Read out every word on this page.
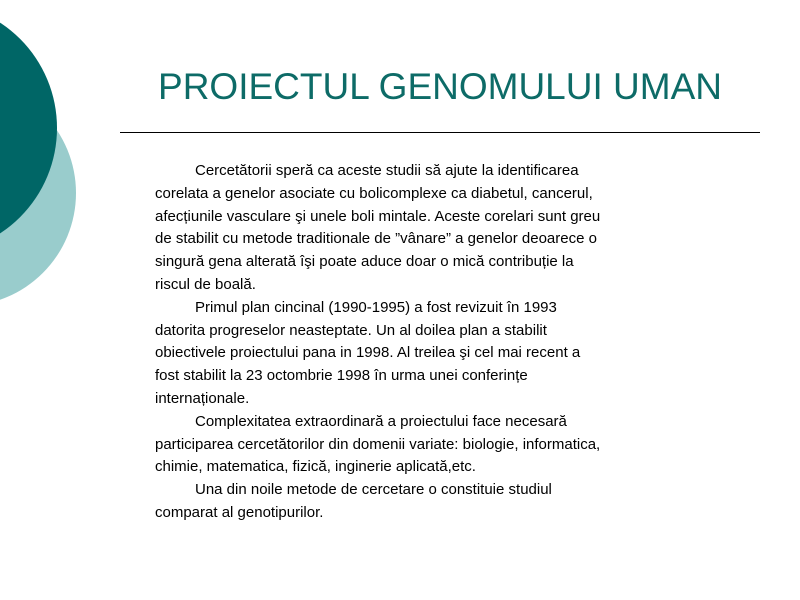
PROIECTUL GENOMULUI UMAN

Cercetătorii speră ca aceste studii să ajute la identificarea corelata a genelor asociate cu bolicomplexe ca diabetul, cancerul, afecțiunile vasculare şi unele boli mintale. Aceste corelari sunt greu de stabilit cu metode traditionale de ”vânare” a genelor deoarece o singură gena alterată îşi poate aduce doar o mică contribuție la riscul de boală.

Primul plan cincinal (1990-1995) a fost revizuit în 1993 datorita progreselor neasteptate. Un al doilea plan a stabilit obiectivele proiectului pana in 1998. Al treilea şi cel mai recent a fost stabilit la 23 octombrie 1998 în urma unei conferințe internaționale.

Complexitatea extraordinară a proiectului face necesară participarea cercetătorilor din domenii variate: biologie, informatica, chimie, matematica, fizică, inginerie aplicată,etc.

Una din noile metode de cercetare o constituie studiul comparat al genotipurilor.
